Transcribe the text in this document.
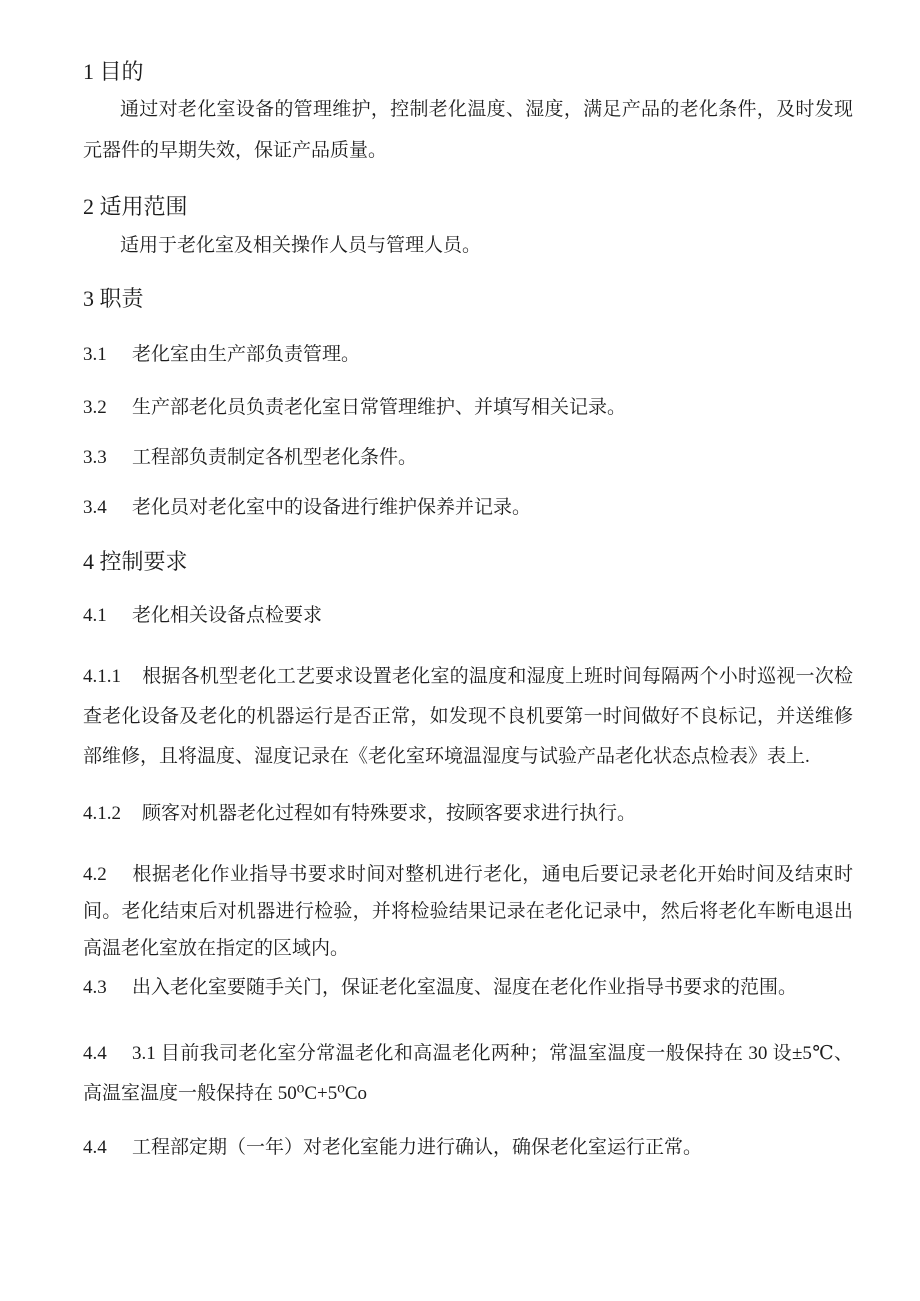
1 目的
通过对老化室设备的管理维护，控制老化温度、湿度，满足产品的老化条件，及时发现
元器件的早期失效，保证产品质量。
2 适用范围
适用于老化室及相关操作人员与管理人员。
3 职责
3.1 老化室由生产部负责管理。
3.2 生产部老化员负责老化室日常管理维护、并填写相关记录。
3.3 工程部负责制定各机型老化条件。
3.4 老化员对老化室中的设备进行维护保养并记录。
4 控制要求
4.1 老化相关设备点检要求
4.1.1 根据各机型老化工艺要求设置老化室的温度和湿度上班时间每隔两个小时巡视一次检
查老化设备及老化的机器运行是否正常，如发现不良机要第一时间做好不良标记，并送维修
部维修，且将温度、湿度记录在《老化室环境温湿度与试验产品老化状态点检表》表上.
4.1.2 顾客对机器老化过程如有特殊要求，按顾客要求进行执行。
4.2 根据老化作业指导书要求时间对整机进行老化，通电后要记录老化开始时间及结束时
间。老化结束后对机器进行检验，并将检验结果记录在老化记录中，然后将老化车断电退出
高温老化室放在指定的区域内。
4.3 出入老化室要随手关门，保证老化室温度、湿度在老化作业指导书要求的范围。
4.4 3.1 目前我司老化室分常温老化和高温老化两种；常温室温度一般保持在 30 设±5℃、
高温室温度一般保持在 50⁰C+5⁰Co
4.4 工程部定期（一年）对老化室能力进行确认，确保老化室运行正常。
